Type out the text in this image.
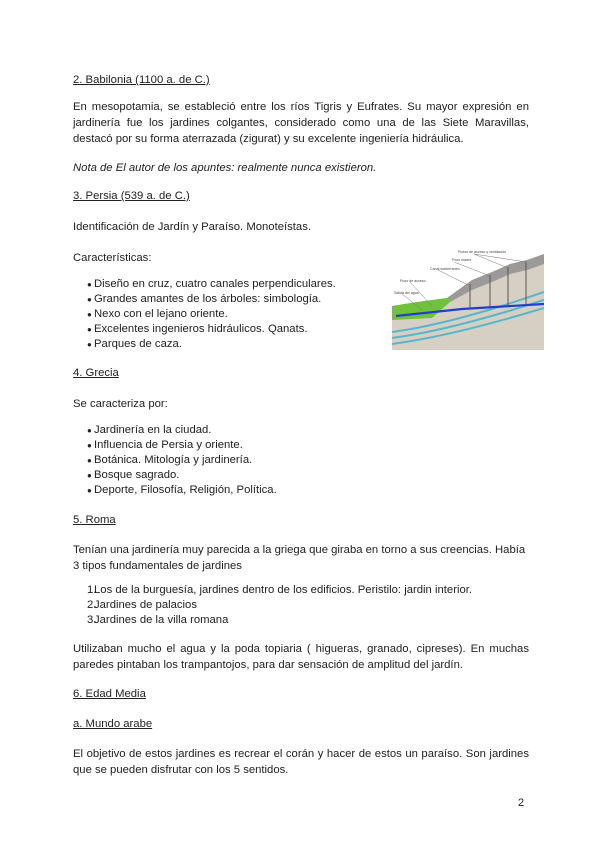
2. Babilonia (1100 a. de C.)

En mesopotamia, se estableció entre los ríos Tigris y Eufrates. Su mayor expresión en jardinería fue los jardines colgantes, considerado como una de las Siete Maravillas, destacó por su forma aterrazada (zigurat) y su excelente ingeniería hidráulica.

Nota de El autor de los apuntes: realmente nunca existieron.

3. Persia (539 a. de C.)

Identificación de Jardín y Paraíso. Monoteístas.

Características:

● Diseño en cruz, cuatro canales perpendiculares.
● Grandes amantes de los árboles: simbología.
● Nexo con el lejano oriente.
● Excelentes ingenieros hidráulicos. Qanats.
● Parques de caza.
Pozos de acceso y ventilación
Pozo madre
Canal subterráneo
Pozo de acceso
Salida del agua

4. Grecia

Se caracteriza por:

● Jardinería en la ciudad.
● Influencia de Persia y oriente.
● Botánica. Mitología y jardinería.
● Bosque sagrado.
● Deporte, Filosofía, Religión, Política.

5. Roma

Tenían una jardinería muy parecida a la griega que giraba en torno a sus creencias. Había 3 tipos fundamentales de jardines

1.
Los de la burguesía, jardines dentro de los edificios. Peristilo: jardin interior.
2.
Jardines de palacios
3.
Jardines de la villa romana

Utilizaban mucho el agua y la poda topiaria ( higueras, granado, cipreses). En muchas paredes pintaban los trampantojos, para dar sensación de amplitud del jardín.

6. Edad Media

a. Mundo arabe

El objetivo de estos jardines es recrear el corán y hacer de estos un paraíso. Son jardines que se pueden disfrutar con los 5 sentidos.

2
